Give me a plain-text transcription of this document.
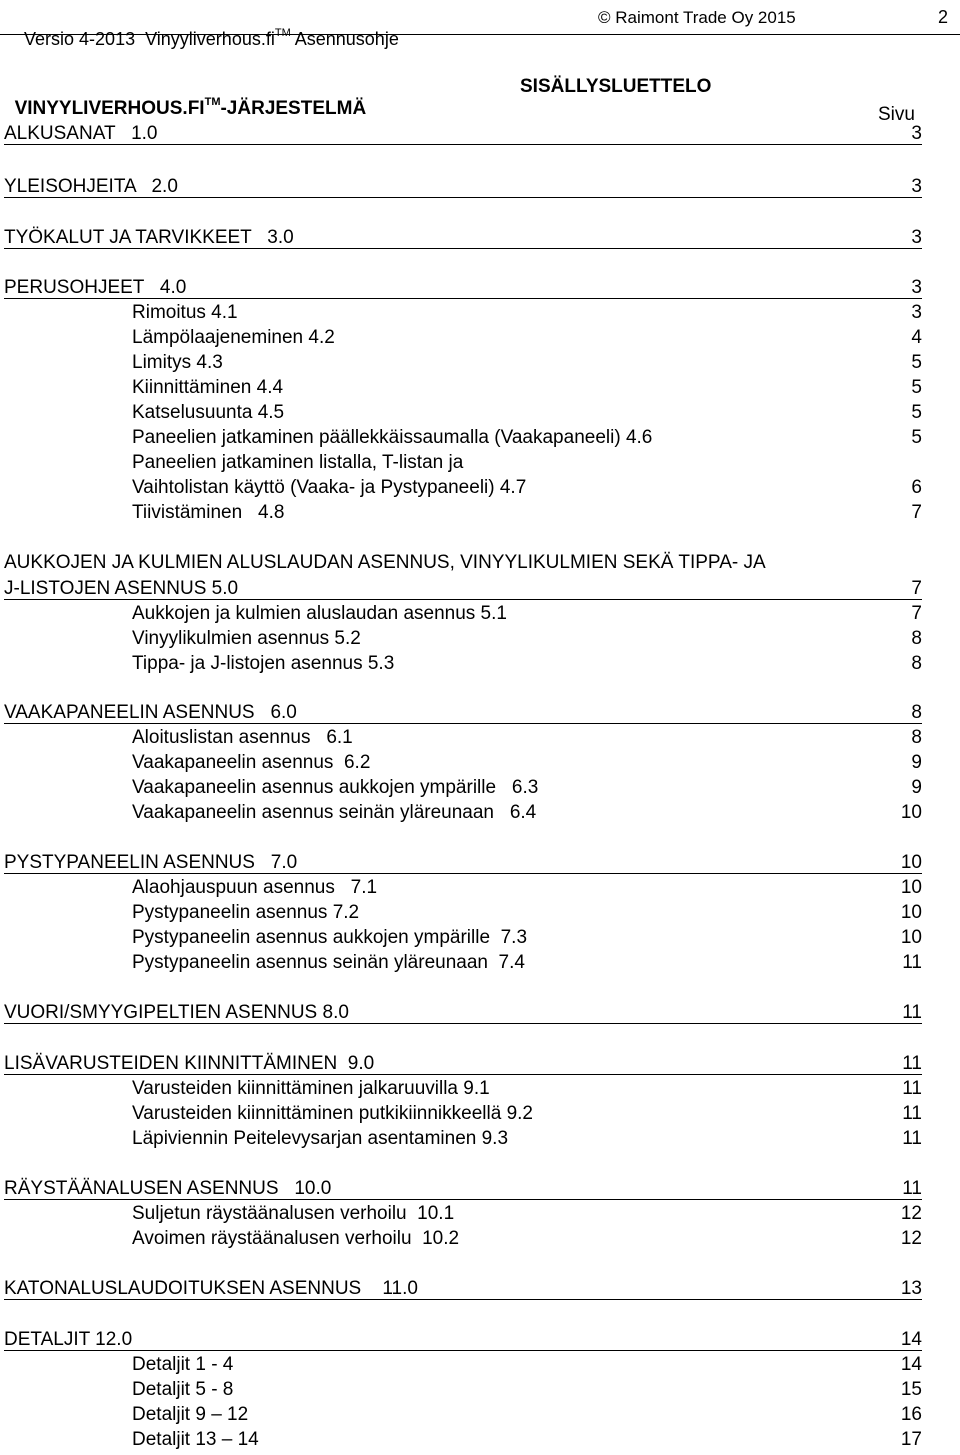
Versio 4-2013 Vinyyliverhous.fi™ Asennusohje

© Raimont Trade Oy 2015	2

VINYYLIVERHOUS.FI™-JÄRJESTELMÄ

SISÄLLYSLUETTELO
Sivu
ALKUSANAT   1.0	3
YLEISOHJEITA   2.0	3
TYÖKALUT JA TARVIKKEET   3.0	3
PERUSOHJEET   4.0	3
Rimoitus 4.1	3
Lämpölaajeneminen 4.2	4
Limitys 4.3	5
Kiinnittäminen 4.4	5
Katselusuunta 4.5	5
Paneelien jatkaminen päällekkäissaumalla (Vaakapaneeli) 4.6	5
Paneelien jatkaminen listalla, T-listan ja
Vaihtolistan käyttö (Vaaka- ja Pystypaneeli) 4.7	6
Tiivistäminen   4.8	7
AUKKOJEN JA KULMIEN ALUSLAUDAN ASENNUS, VINYYLIKULMIEN SEKÄ TIPPA- JA
J-LISTOJEN ASENNUS 5.0	7
Aukkojen ja kulmien aluslaudan asennus 5.1	7
Vinyylikulmien asennus 5.2	8
Tippa- ja J-listojen asennus 5.3	8
VAAKAPANEELIN ASENNUS   6.0	8
Aloituslistan asennus   6.1	8
Vaakapaneelin asennus  6.2	9
Vaakapaneelin asennus aukkojen ympärille   6.3	9
Vaakapaneelin asennus seinän yläreunaan   6.4	10
PYSTYPANEELIN ASENNUS   7.0	10
Alaohjauspuun asennus   7.1	10
Pystypaneelin asennus 7.2	10
Pystypaneelin asennus aukkojen ympärille  7.3	10
Pystypaneelin asennus seinän yläreunaan  7.4	11
VUORI/SMYYGIPELTIEN ASENNUS 8.0	11
LISÄVARUSTEIDEN KIINNITTÄMINEN  9.0	11
Varusteiden kiinnittäminen jalkaruuvilla 9.1	11
Varusteiden kiinnittäminen putkikiinnikkeellä 9.2	11
Läpiviennin Peitelevysarjan asentaminen 9.3	11
RÄYSTÄÄNALUSEN ASENNUS   10.0	11
Suljetun räystäänalusen verhoilu  10.1	12
Avoimen räystäänalusen verhoilu  10.2	12
KATONALUSLAUDOITUKSEN ASENNUS    11.0	13
DETALJIT 12.0	14
Detaljit 1 - 4	14
Detaljit 5 - 8	15
Detaljit 9 – 12	16
Detaljit 13 – 14	17
